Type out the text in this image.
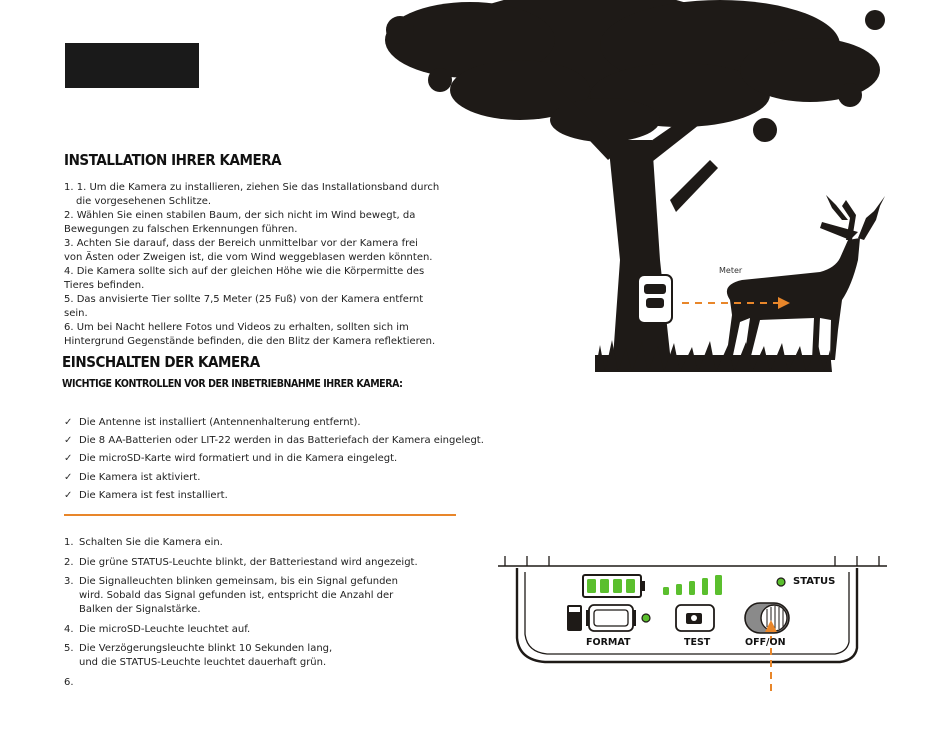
INSTALLATION IHRER KAMERA
1. 1. Um die Kamera zu installieren, ziehen Sie das Installationsband durch
die vorgesehenen Schlitze.
2. Wählen Sie einen stabilen Baum, der sich nicht im Wind bewegt, da
Bewegungen zu falschen Erkennungen führen.
3. Achten Sie darauf, dass der Bereich unmittelbar vor der Kamera frei
von Ästen oder Zweigen ist, die vom Wind weggeblasen werden könnten.
4. Die Kamera sollte sich auf der gleichen Höhe wie die Körpermitte des
Tieres befinden.
5. Das anvisierte Tier sollte 7,5 Meter (25 Fuß) von der Kamera entfernt
sein.
6. Um bei Nacht hellere Fotos und Videos zu erhalten, sollten sich im
Hintergrund Gegenstände befinden, die den Blitz der Kamera reflektieren.
EINSCHALTEN DER KAMERA
WICHTIGE KONTROLLEN VOR DER INBETRIEBNAHME IHRER KAMERA:
✓ Die Antenne ist installiert (Antennenhalterung entfernt).
✓ Die 8 AA-Batterien oder LIT-22 werden in das Batteriefach der Kamera eingelegt.
✓ Die microSD-Karte wird formatiert und in die Kamera eingelegt.
✓ Die Kamera ist aktiviert.
✓ Die Kamera ist fest installiert.
1. Schalten Sie die Kamera ein.
2. Die grüne STATUS-Leuchte blinkt, der Batteriestand wird angezeigt.
3. Die Signalleuchten blinken gemeinsam, bis ein Signal gefunden
wird. Sobald das Signal gefunden ist, entspricht die Anzahl der
Balken der Signalstärke.
4. Die microSD-Leuchte leuchtet auf.
5. Die Verzögerungsleuchte blinkt 10 Sekunden lang,
und die STATUS-Leuchte leuchtet dauerhaft grün.
6.
Meter
STATUS
FORMAT	TEST	OFF/ON
